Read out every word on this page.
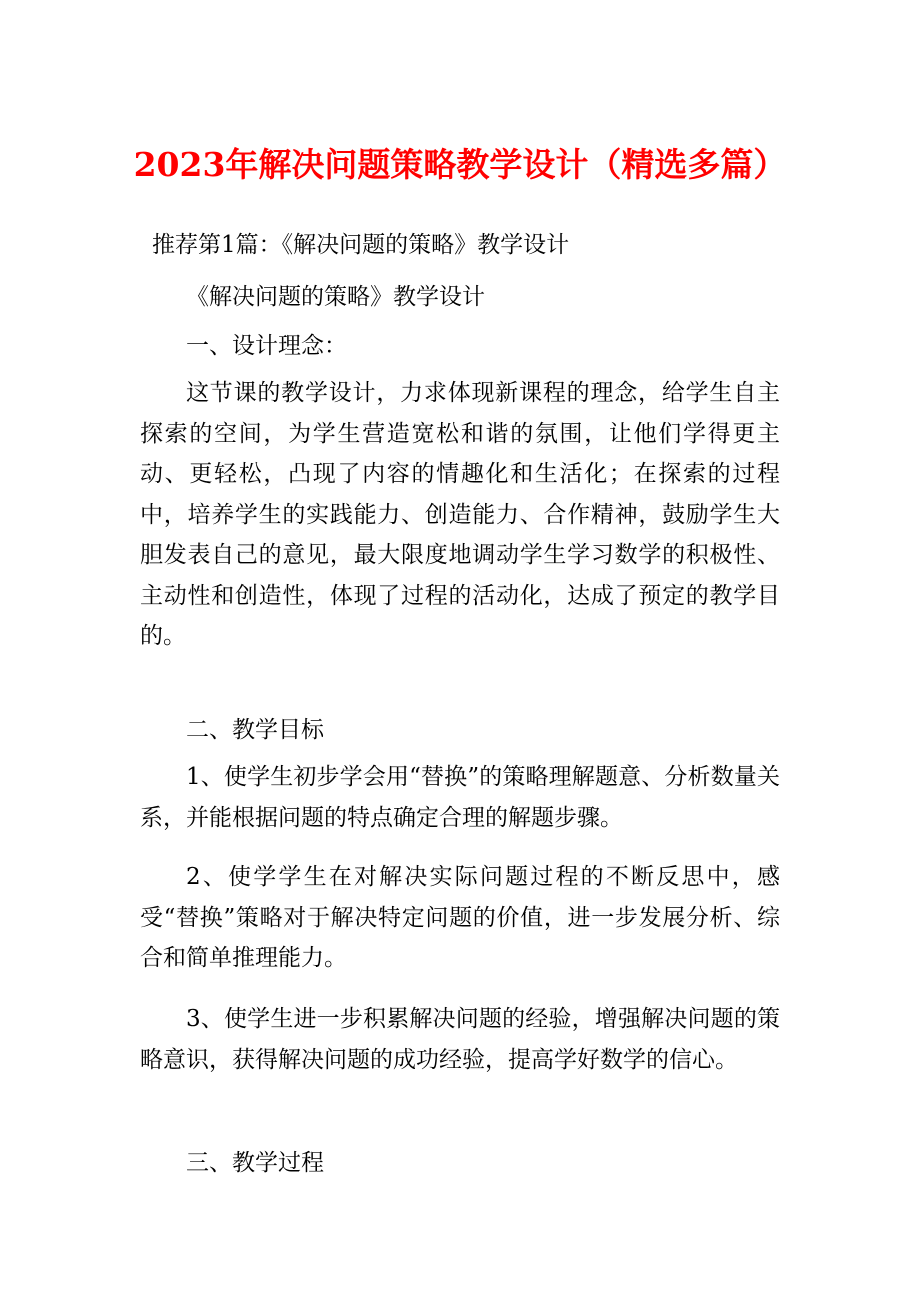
2023年解决问题策略教学设计（精选多篇）
推荐第1篇：《解决问题的策略》教学设计
《解决问题的策略》教学设计
一、设计理念：
这节课的教学设计，力求体现新课程的理念，给学生自主探索的空间，为学生营造宽松和谐的氛围，让他们学得更主动、更轻松，凸现了内容的情趣化和生活化；在探索的过程中，培养学生的实践能力、创造能力、合作精神，鼓励学生大胆发表自己的意见，最大限度地调动学生学习数学的积极性、主动性和创造性，体现了过程的活动化，达成了预定的教学目的。
二、教学目标
1、使学生初步学会用“替换”的策略理解题意、分析数量关系，并能根据问题的特点确定合理的解题步骤。
2、使学学生在对解决实际问题过程的不断反思中，感受“替换”策略对于解决特定问题的价值，进一步发展分析、综合和简单推理能力。
3、使学生进一步积累解决问题的经验，增强解决问题的策略意识，获得解决问题的成功经验，提高学好数学的信心。
三、教学过程
